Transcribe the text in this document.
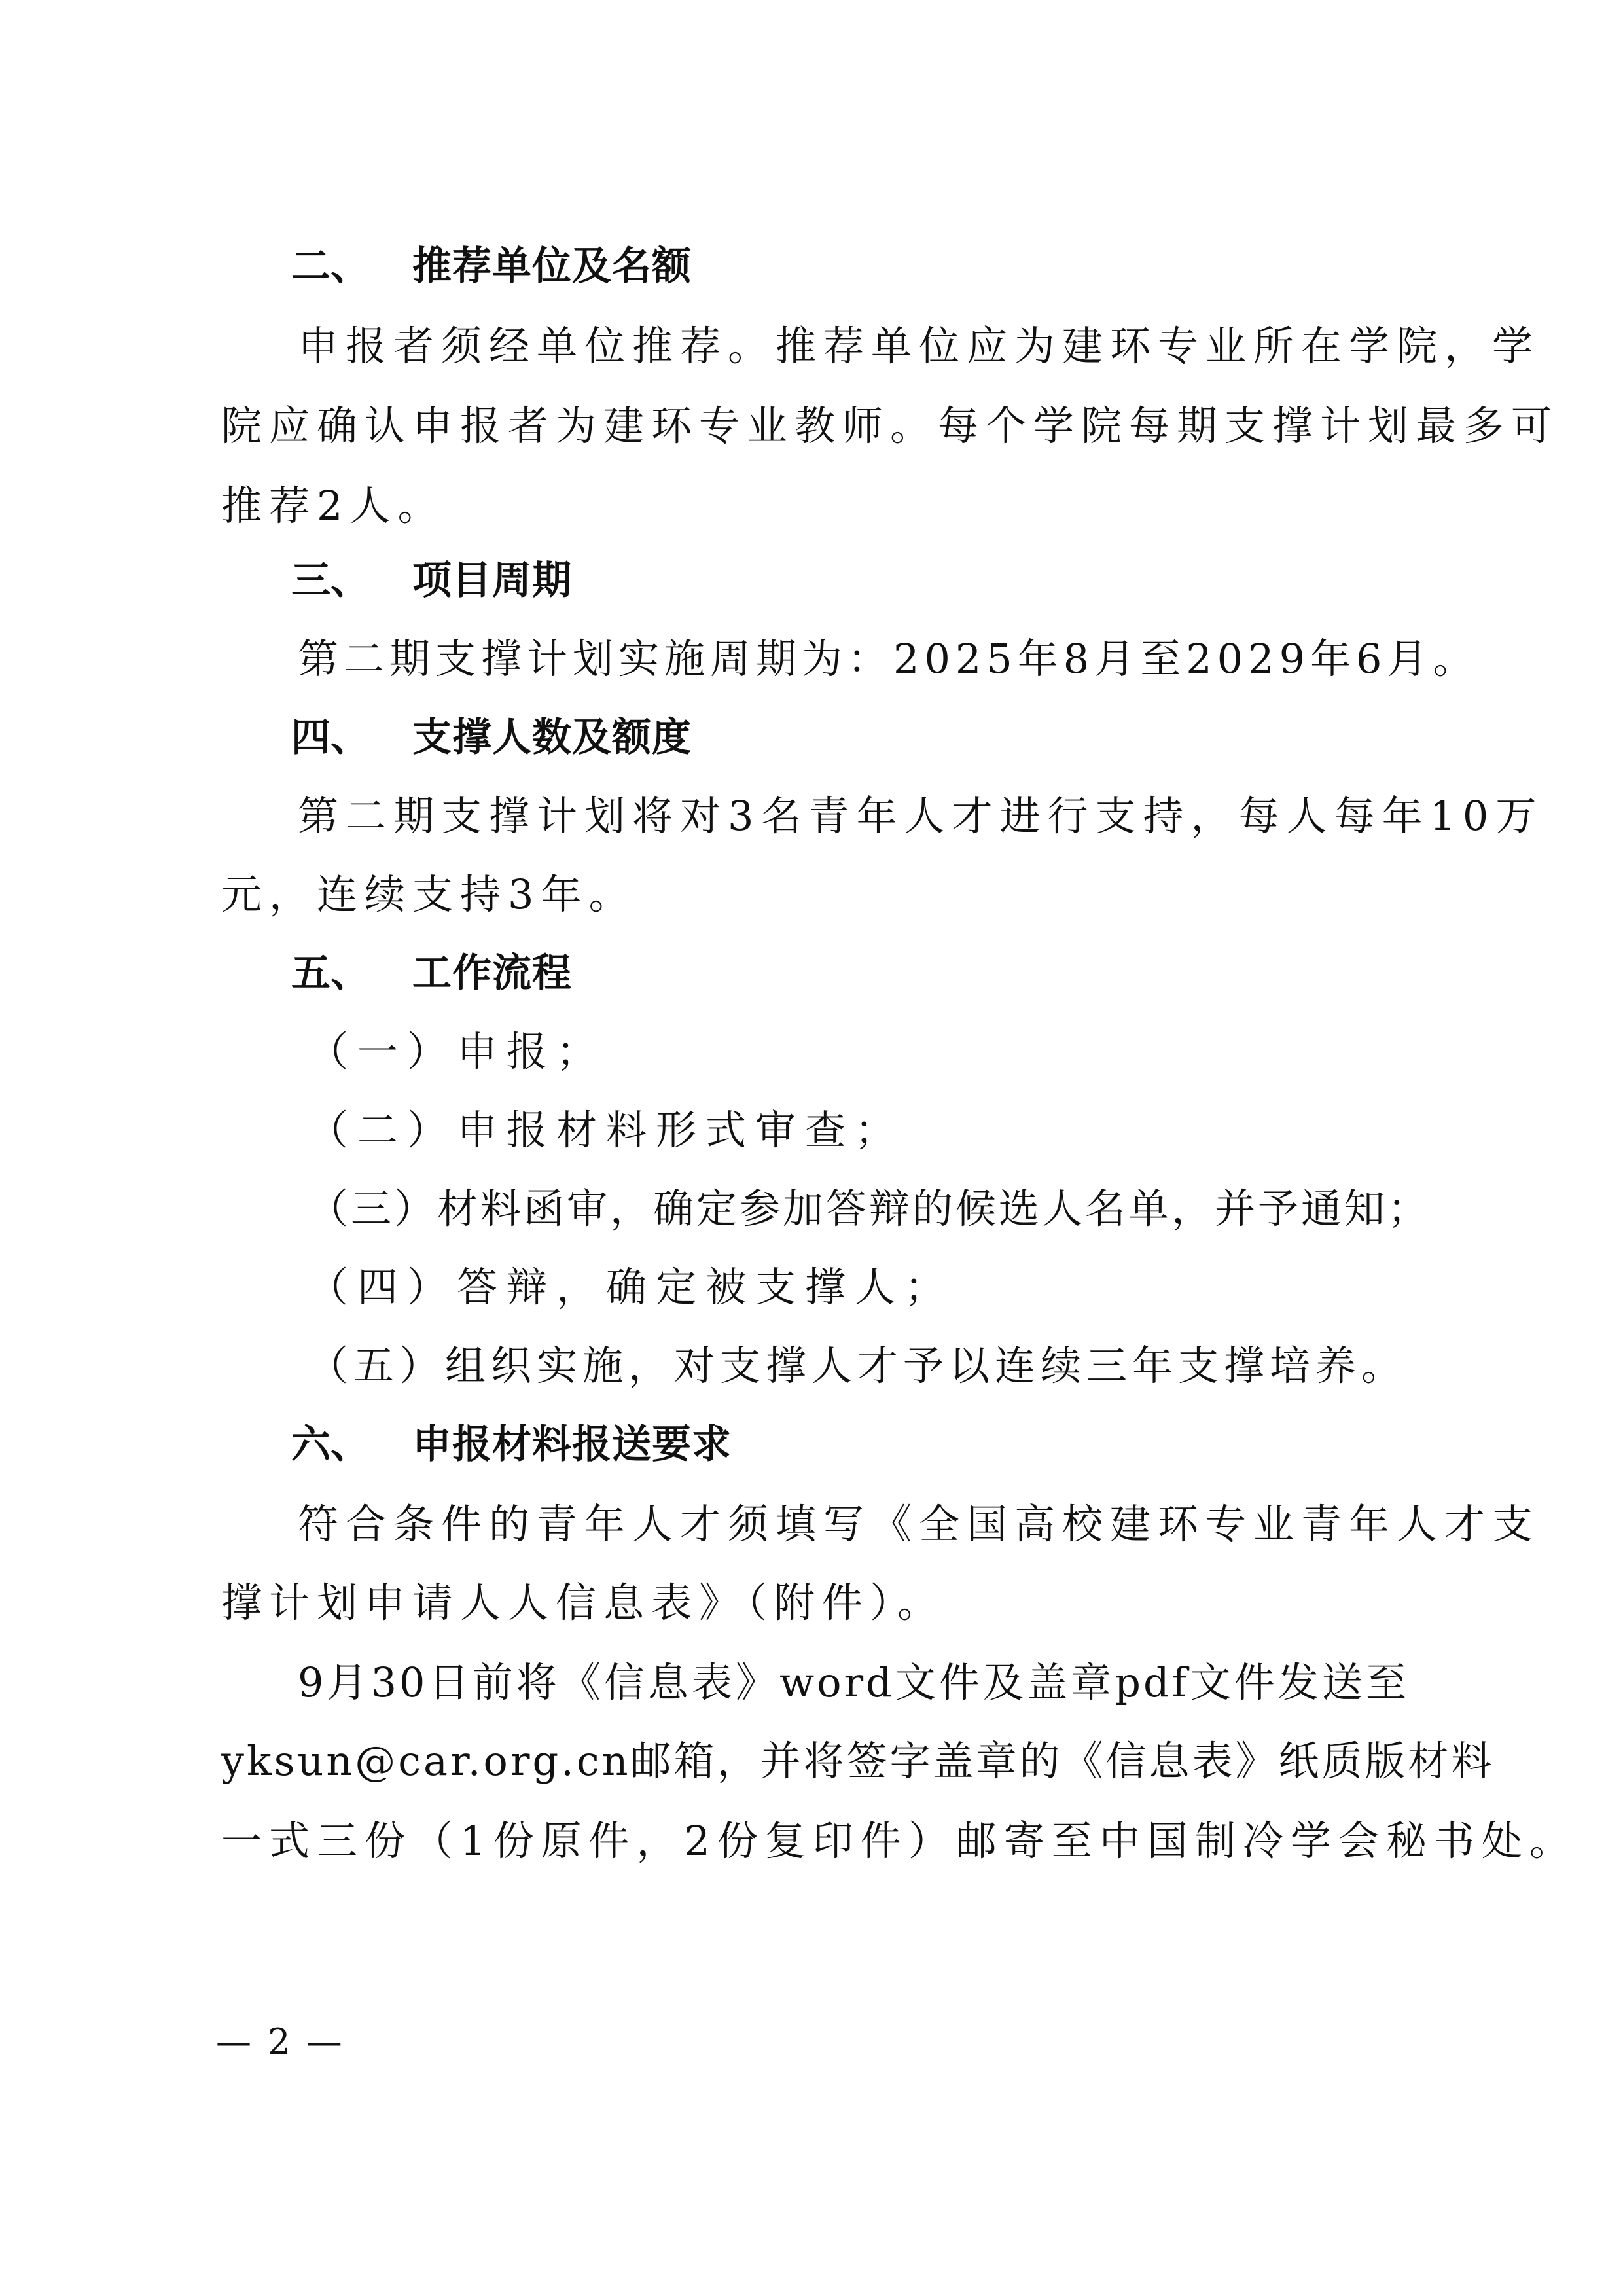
二、 推荐单位及名额
申报者须经单位推荐。推荐单位应为建环专业所在学院，学
院应确认申报者为建环专业教师。每个学院每期支撑计划最多可
推荐2人。
三、 项目周期
第二期支撑计划实施周期为：2025年8月至2029年6月。
四、 支撑人数及额度
第二期支撑计划将对3名青年人才进行支持，每人每年10万
元，连续支持3年。
五、 工作流程
（一）申报；
（二）申报材料形式审查；
（三）材料函审，确定参加答辩的候选人名单，并予通知；
（四）答辩，确定被支撑人；
（五）组织实施，对支撑人才予以连续三年支撑培养。
六、 申报材料报送要求
符合条件的青年人才须填写《全国高校建环专业青年人才支
撑计划申请人人信息表》（附件）。
9月30日前将《信息表》word文件及盖章pdf文件发送至
yksun@car.org.cn邮箱，并将签字盖章的《信息表》纸质版材料
一式三份（1份原件，2份复印件）邮寄至中国制冷学会秘书处。
— 2 —
